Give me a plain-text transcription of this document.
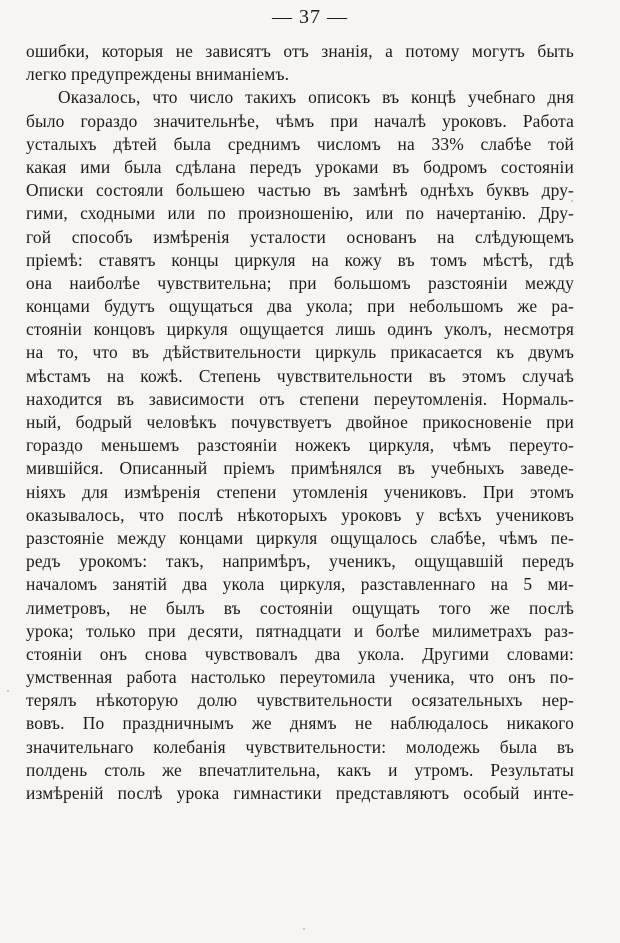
— 37 —
ошибки, которыя не зависятъ отъ знанія, а потому могутъ быть
легко предупреждены вниманіемъ.
Оказалось, что число такихъ описокъ въ концѣ учебнаго дня
было гораздо значительнѣе, чѣмъ при началѣ уроковъ. Работа
усталыхъ дѣтей была среднимъ числомъ на 33% слабѣе той
какая ими была сдѣлана передъ уроками въ бодромъ состояніи
Описки состояли большею частью въ замѣнѣ однѣхъ буквъ дру-
гими, сходными или по произношенію, или по начертанію. Дру-
гой способъ измѣренія усталости основанъ на слѣдующемъ
пріемѣ: ставятъ концы циркуля на кожу въ томъ мѣстѣ, гдѣ
она наиболѣе чувствительна; при большомъ разстояніи между
концами будутъ ощущаться два укола; при небольшомъ же ра-
стояніи концовъ циркуля ощущается лишь одинъ уколъ, несмотря
на то, что въ дѣйствительности циркуль прикасается къ двумъ
мѣстамъ на кожѣ. Степень чувствительности въ этомъ случаѣ
находится въ зависимости отъ степени переутомленія. Нормаль-
ный, бодрый человѣкъ почувствуетъ двойное прикосновеніе при
гораздо меньшемъ разстояніи ножекъ циркуля, чѣмъ переуто-
мившійся. Описанный пріемъ примѣнялся въ учебныхъ заведе-
ніяхъ для измѣренія степени утомленія учениковъ. При этомъ
оказывалось, что послѣ нѣкоторыхъ уроковъ у всѣхъ учениковъ
разстояніе между концами циркуля ощущалось слабѣе, чѣмъ пе-
редъ урокомъ: такъ, напримѣръ, ученикъ, ощущавшій передъ
началомъ занятій два укола циркуля, разставленнаго на 5 ми-
лиметровъ, не былъ въ состояніи ощущать того же послѣ
урока; только при десяти, пятнадцати и болѣе милиметрахъ раз-
стояніи онъ снова чувствовалъ два укола. Другими словами:
умственная работа настолько переутомила ученика, что онъ по-
терялъ нѣкоторую долю чувствительности осязательныхъ нер-
вовъ. По праздничнымъ же днямъ не наблюдалось никакого
значительнаго колебанія чувствительности: молодежь была въ
полдень столь же впечатлительна, какъ и утромъ. Результаты
измѣреній послѣ урока гимнастики представляютъ особый инте-
